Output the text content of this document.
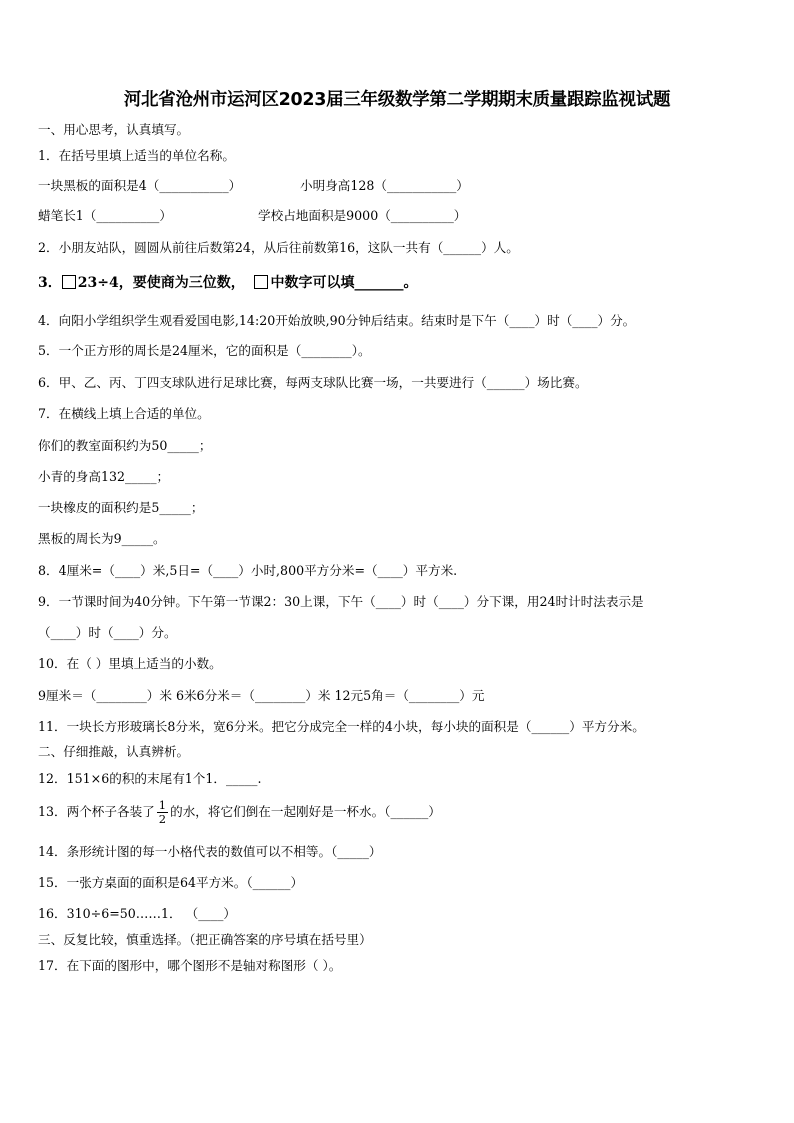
河北省沧州市运河区2023届三年级数学第二学期期末质量跟踪监视试题
一、用心思考，认真填写。
1．在括号里填上适当的单位名称。
一块黑板的面积是4（___________）	小明身高128（___________）
蜡笔长1（__________）	学校占地面积是9000（__________）
2．小朋友站队，圆圆从前往后数第24，从后往前数第16，这队一共有（______）人。
3． 23÷4，要使商为三位数， 中数字可以填_______。
4．向阳小学组织学生观看爱国电影,14:20开始放映,90分钟后结束。结束时是下午（____）时（____）分。
5．一个正方形的周长是24厘米，它的面积是（________）。
6．甲、乙、丙、丁四支球队进行足球比赛，每两支球队比赛一场，一共要进行（______）场比赛。
7．在横线上填上合适的单位。
你们的教室面积约为50_____；
小青的身高132_____；
一块橡皮的面积约是5_____；
黑板的周长为9_____。
8．4厘米=（____）米,5日=（____）小时,800平方分米=（____）平方米.
9．一节课时间为40分钟。下午第一节课2：30上课，下午（____）时（____）分下课，用24时计时法表示是
（____）时（____）分。
10．在（ ）里填上适当的小数。
9厘米＝（________）米 6米6分米＝（________）米 12元5角＝（________）元
11．一块长方形玻璃长8分米，宽6分米。把它分成完全一样的4小块，每小块的面积是（______）平方分米。
二、仔细推敲，认真辨析。
12．151×6的积的末尾有1个1．_____.
13．两个杯子各装了 $\frac{1}{2}$ 的水，将它们倒在一起刚好是一杯水。（______）
14．条形统计图的每一小格代表的数值可以不相等。（_____）
15．一张方桌面的面积是64平方米。（______）
16．310÷6=50……1． （____）
三、反复比较，慎重选择。（把正确答案的序号填在括号里）
17．在下面的图形中，哪个图形不是轴对称图形（ ）。
